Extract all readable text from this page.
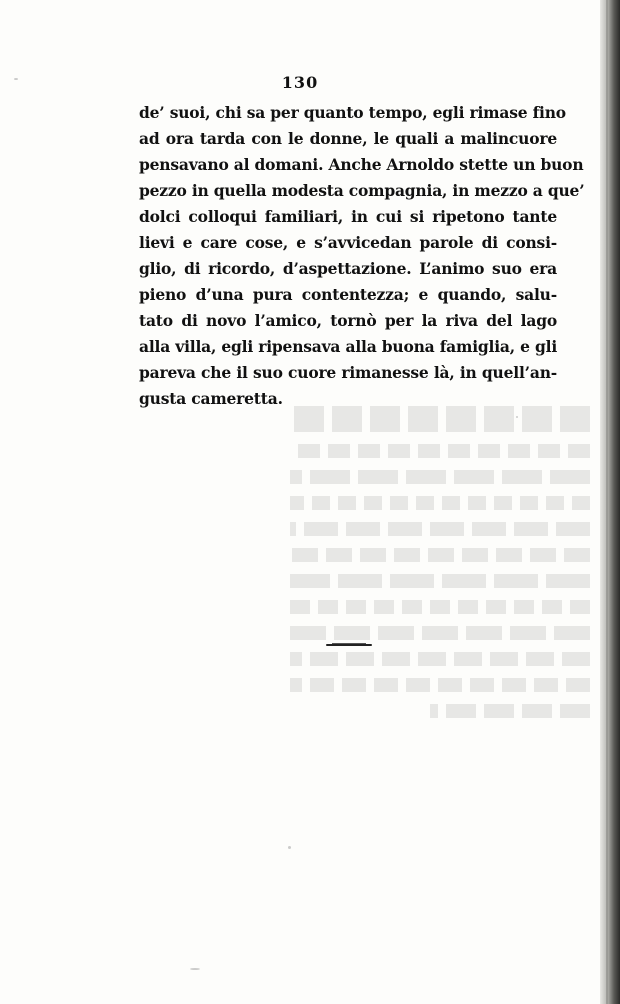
130
de’ suoi, chi sa per quanto tempo, egli rimase fino
ad ora tarda con le donne, le quali a malincuore
pensavano al domani. Anche Arnoldo stette un buon
pezzo in quella modesta compagnia, in mezzo a que’
dolci colloqui familiari, in cui si ripetono tante
lievi e care cose, e s’avvicedan parole di consi-
glio, di ricordo, d’aspettazione. L’animo suo era
pieno d’una pura contentezza; e quando, salu-
tato di novo l’amico, tornò per la riva del lago
alla villa, egli ripensava alla buona famiglia, e gli
pareva che il suo cuore rimanesse là, in quell’an-
gusta cameretta.
